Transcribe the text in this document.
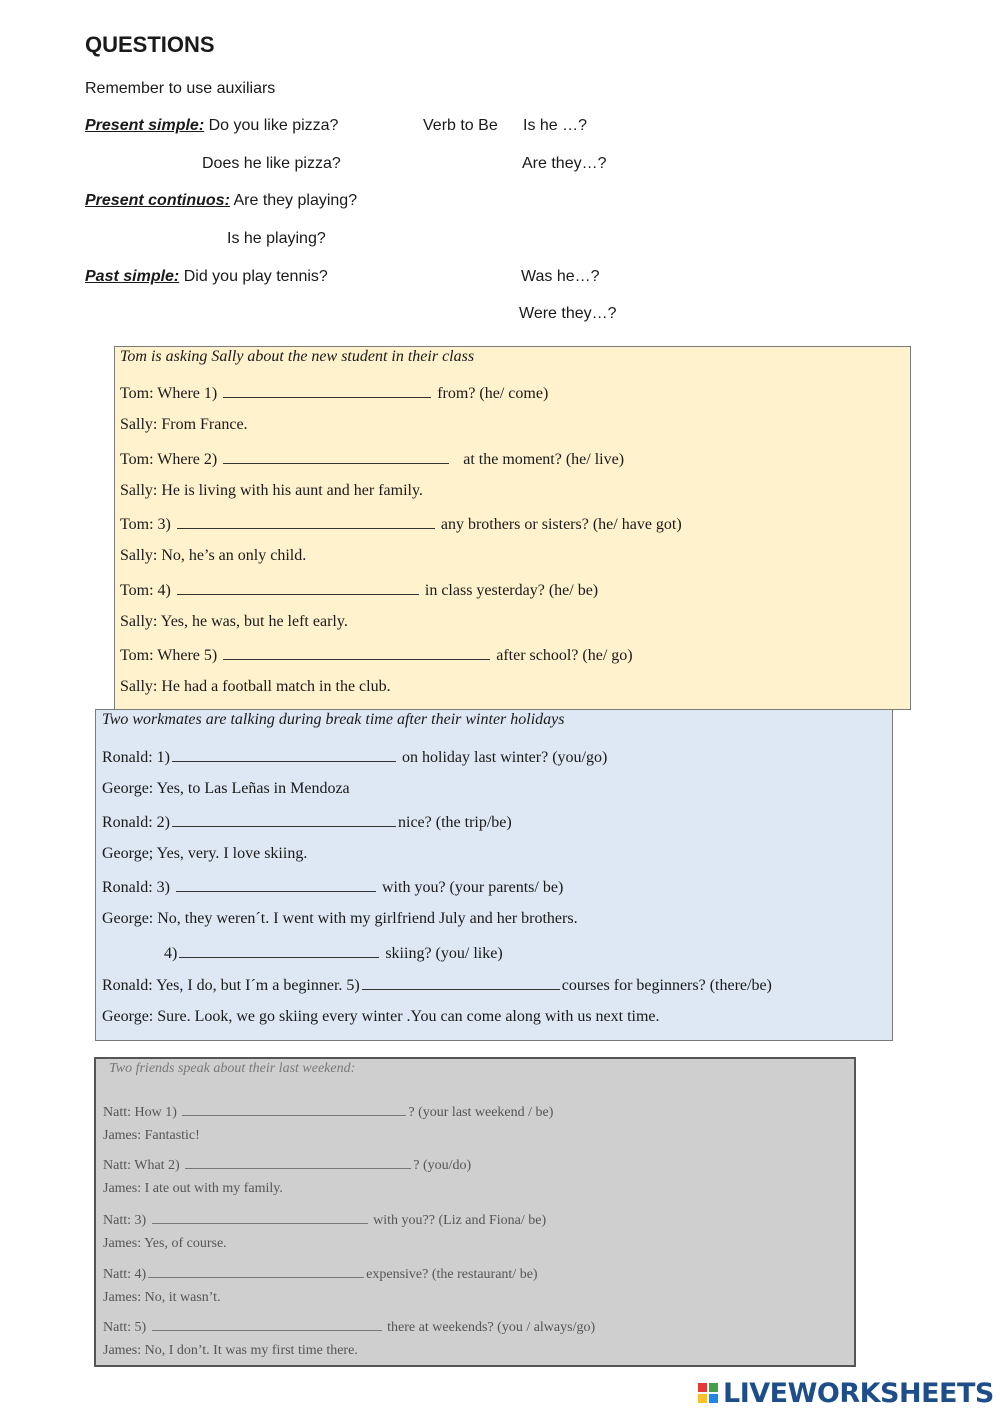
QUESTIONS
Remember to use auxiliars
Present simple: Do you like pizza?	Verb to Be Is he …?
Does he like pizza?	Are they…?
Present continuos: Are they playing?
Is he playing?
Past simple: Did you play tennis?	Was he…?
Were they…?
Tom is asking Sally about the new student in their class
Tom: Where 1)	from? (he/ come)
Sally: From France.
Tom: Where 2)	at the moment? (he/ live)
Sally: He is living with his aunt and her family.
Tom: 3)	any brothers or sisters? (he/ have got)
Sally: No, he’s an only child.
Tom: 4)	in class yesterday? (he/ be)
Sally: Yes, he was, but he left early.
Tom: Where 5)	after school? (he/ go)
Sally: He had a football match in the club.
Two workmates are talking during break time after their winter holidays
Ronald: 1)	on holiday last winter? (you/go)
George: Yes, to Las Leñas in Mendoza
Ronald: 2)	nice? (the trip/be)
George; Yes, very. I love skiing.
Ronald: 3)	with you? (your parents/ be)
George: No, they weren´t. I went with my girlfriend July and her brothers.
4)	skiing? (you/ like)
Ronald: Yes, I do, but I´m a beginner. 5)	courses for beginners? (there/be)
George: Sure. Look, we go skiing every winter .You can come along with us next time.
Two friends speak about their last weekend:
Natt: How 1)	? (your last weekend / be)
James: Fantastic!
Natt: What 2)	? (you/do)
James: I ate out with my family.
Natt: 3)	with you?? (Liz and Fiona/ be)
James: Yes, of course.
Natt: 4)	expensive? (the restaurant/ be)
James: No, it wasn’t.
Natt: 5)	there at weekends? (you / always/go)
James: No, I don’t. It was my first time there.
LIVEWORKSHEETS
